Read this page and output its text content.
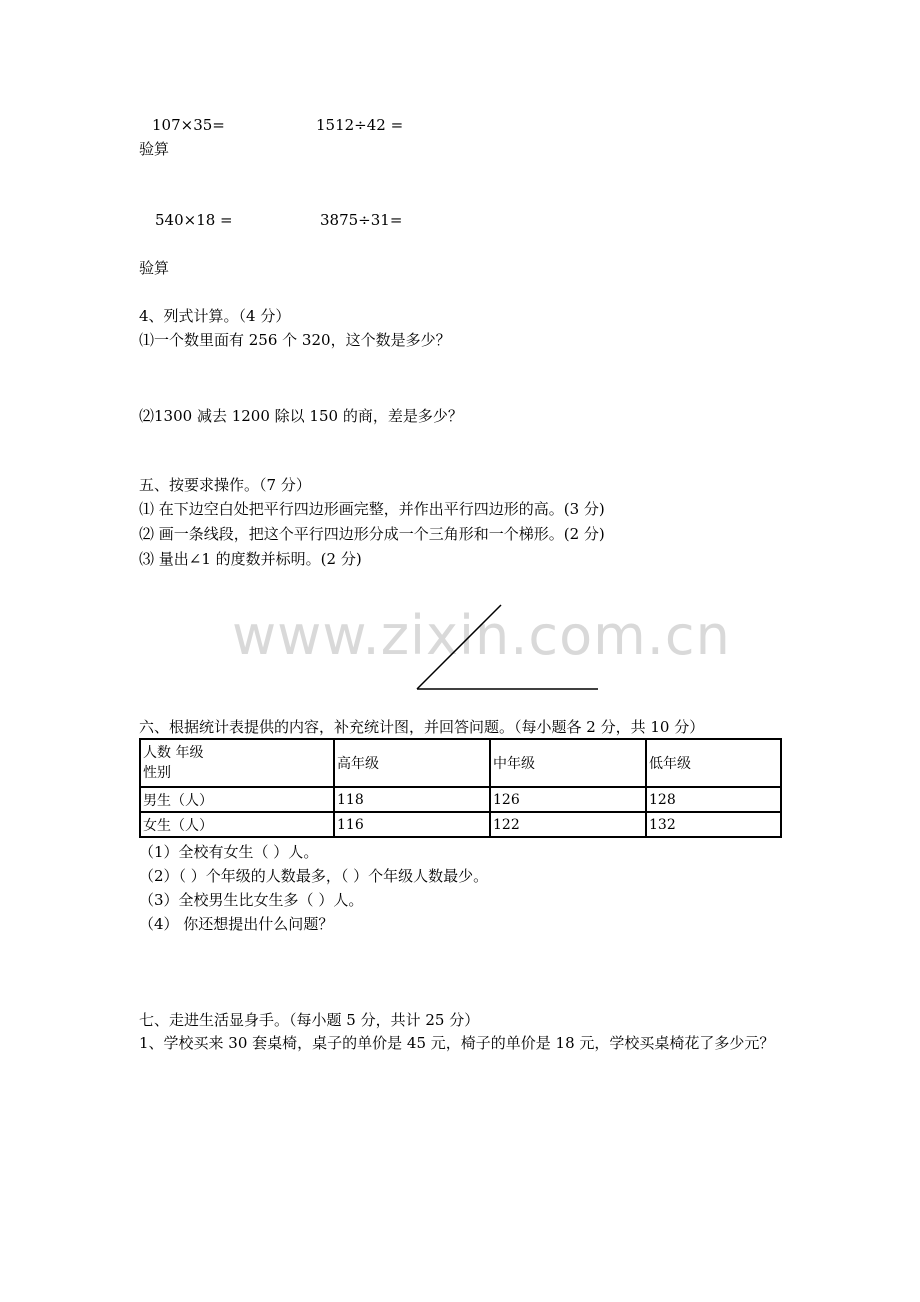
107×35=	1512÷42 =
验算
540×18 =	3875÷31=
验算
4、列式计算。（4 分）
⑴一个数里面有 256 个 320，这个数是多少？
⑵1300 减去 1200 除以 150 的商，差是多少？
五、按要求操作。（7 分）
⑴ 在下边空白处把平行四边形画完整，并作出平行四边形的高。(3 分)
⑵ 画一条线段，把这个平行四边形分成一个三角形和一个梯形。(2 分)
⑶ 量出∠1 的度数并标明。(2 分)
www.zixin.com.cn
六、根据统计表提供的内容，补充统计图，并回答问题。（每小题各 2 分，共 10 分）
人数 年级
性别	高年级	中年级	低年级
男生（人）	118	126	128
女生（人）	116	122	132
（1）全校有女生（ ）人。
（2）（ ）个年级的人数最多，（ ）个年级人数最少。
（3）全校男生比女生多（ ）人。
（4） 你还想提出什么问题？
七、走进生活显身手。（每小题 5 分，共计 25 分）
1、学校买来 30 套桌椅，桌子的单价是 45 元，椅子的单价是 18 元，学校买桌椅花了多少元？
